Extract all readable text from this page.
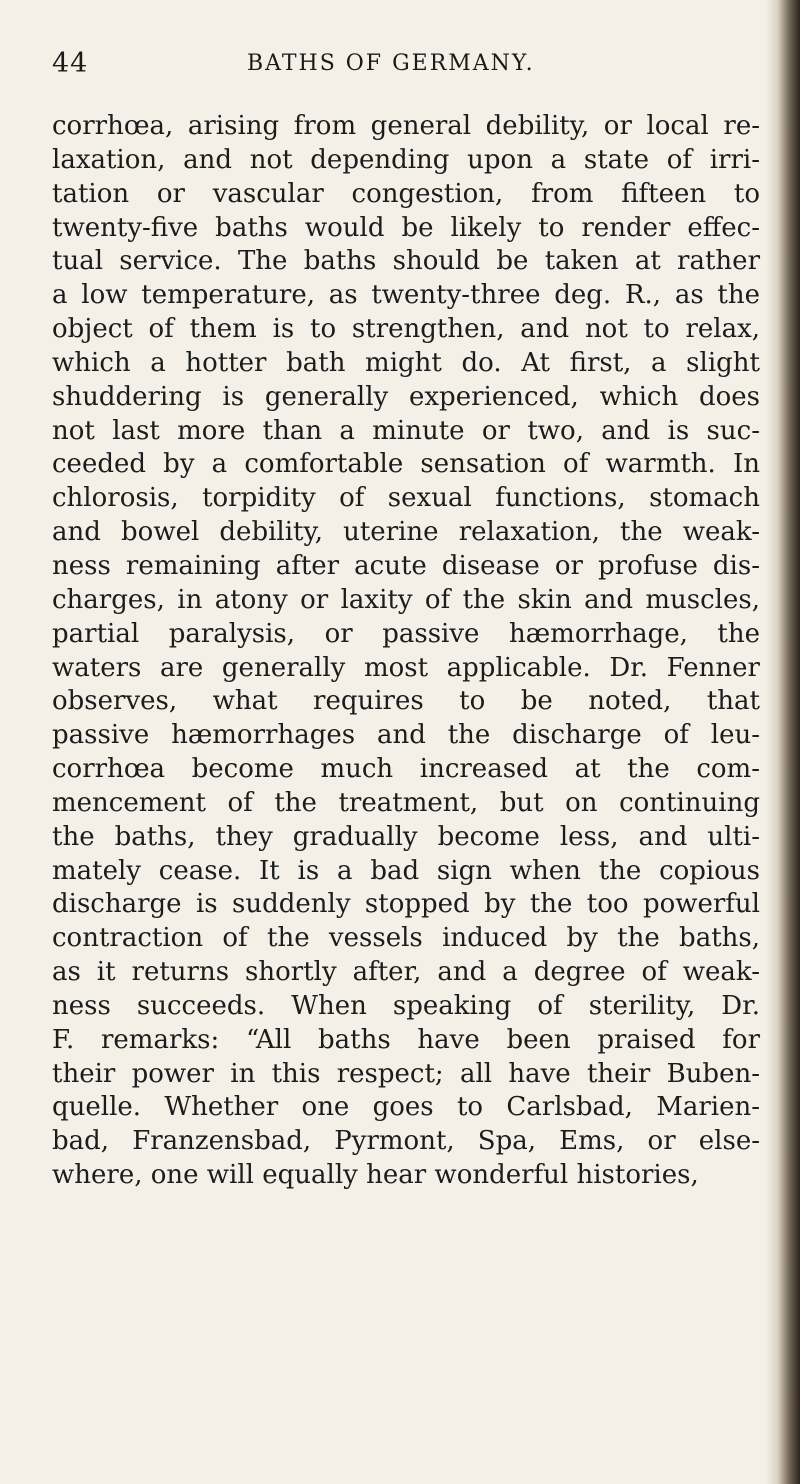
44	BATHS OF GERMANY.
corrhœa, arising from general debility, or local re-
laxation, and not depending upon a state of irri-
tation or vascular congestion, from fifteen to
twenty-five baths would be likely to render effec-
tual service. The baths should be taken at rather
a low temperature, as twenty-three deg. R., as the
object of them is to strengthen, and not to relax,
which a hotter bath might do. At first, a slight
shuddering is generally experienced, which does
not last more than a minute or two, and is suc-
ceeded by a comfortable sensation of warmth. In
chlorosis, torpidity of sexual functions, stomach
and bowel debility, uterine relaxation, the weak-
ness remaining after acute disease or profuse dis-
charges, in atony or laxity of the skin and muscles,
partial paralysis, or passive hæmorrhage, the
waters are generally most applicable. Dr. Fenner
observes, what requires to be noted, that
passive hæmorrhages and the discharge of leu-
corrhœa become much increased at the com-
mencement of the treatment, but on continuing
the baths, they gradually become less, and ulti-
mately cease. It is a bad sign when the copious
discharge is suddenly stopped by the too powerful
contraction of the vessels induced by the baths,
as it returns shortly after, and a degree of weak-
ness succeeds. When speaking of sterility, Dr.
F. remarks: “All baths have been praised for
their power in this respect; all have their Buben-
quelle. Whether one goes to Carlsbad, Marien-
bad, Franzensbad, Pyrmont, Spa, Ems, or else-
where, one will equally hear wonderful histories,
